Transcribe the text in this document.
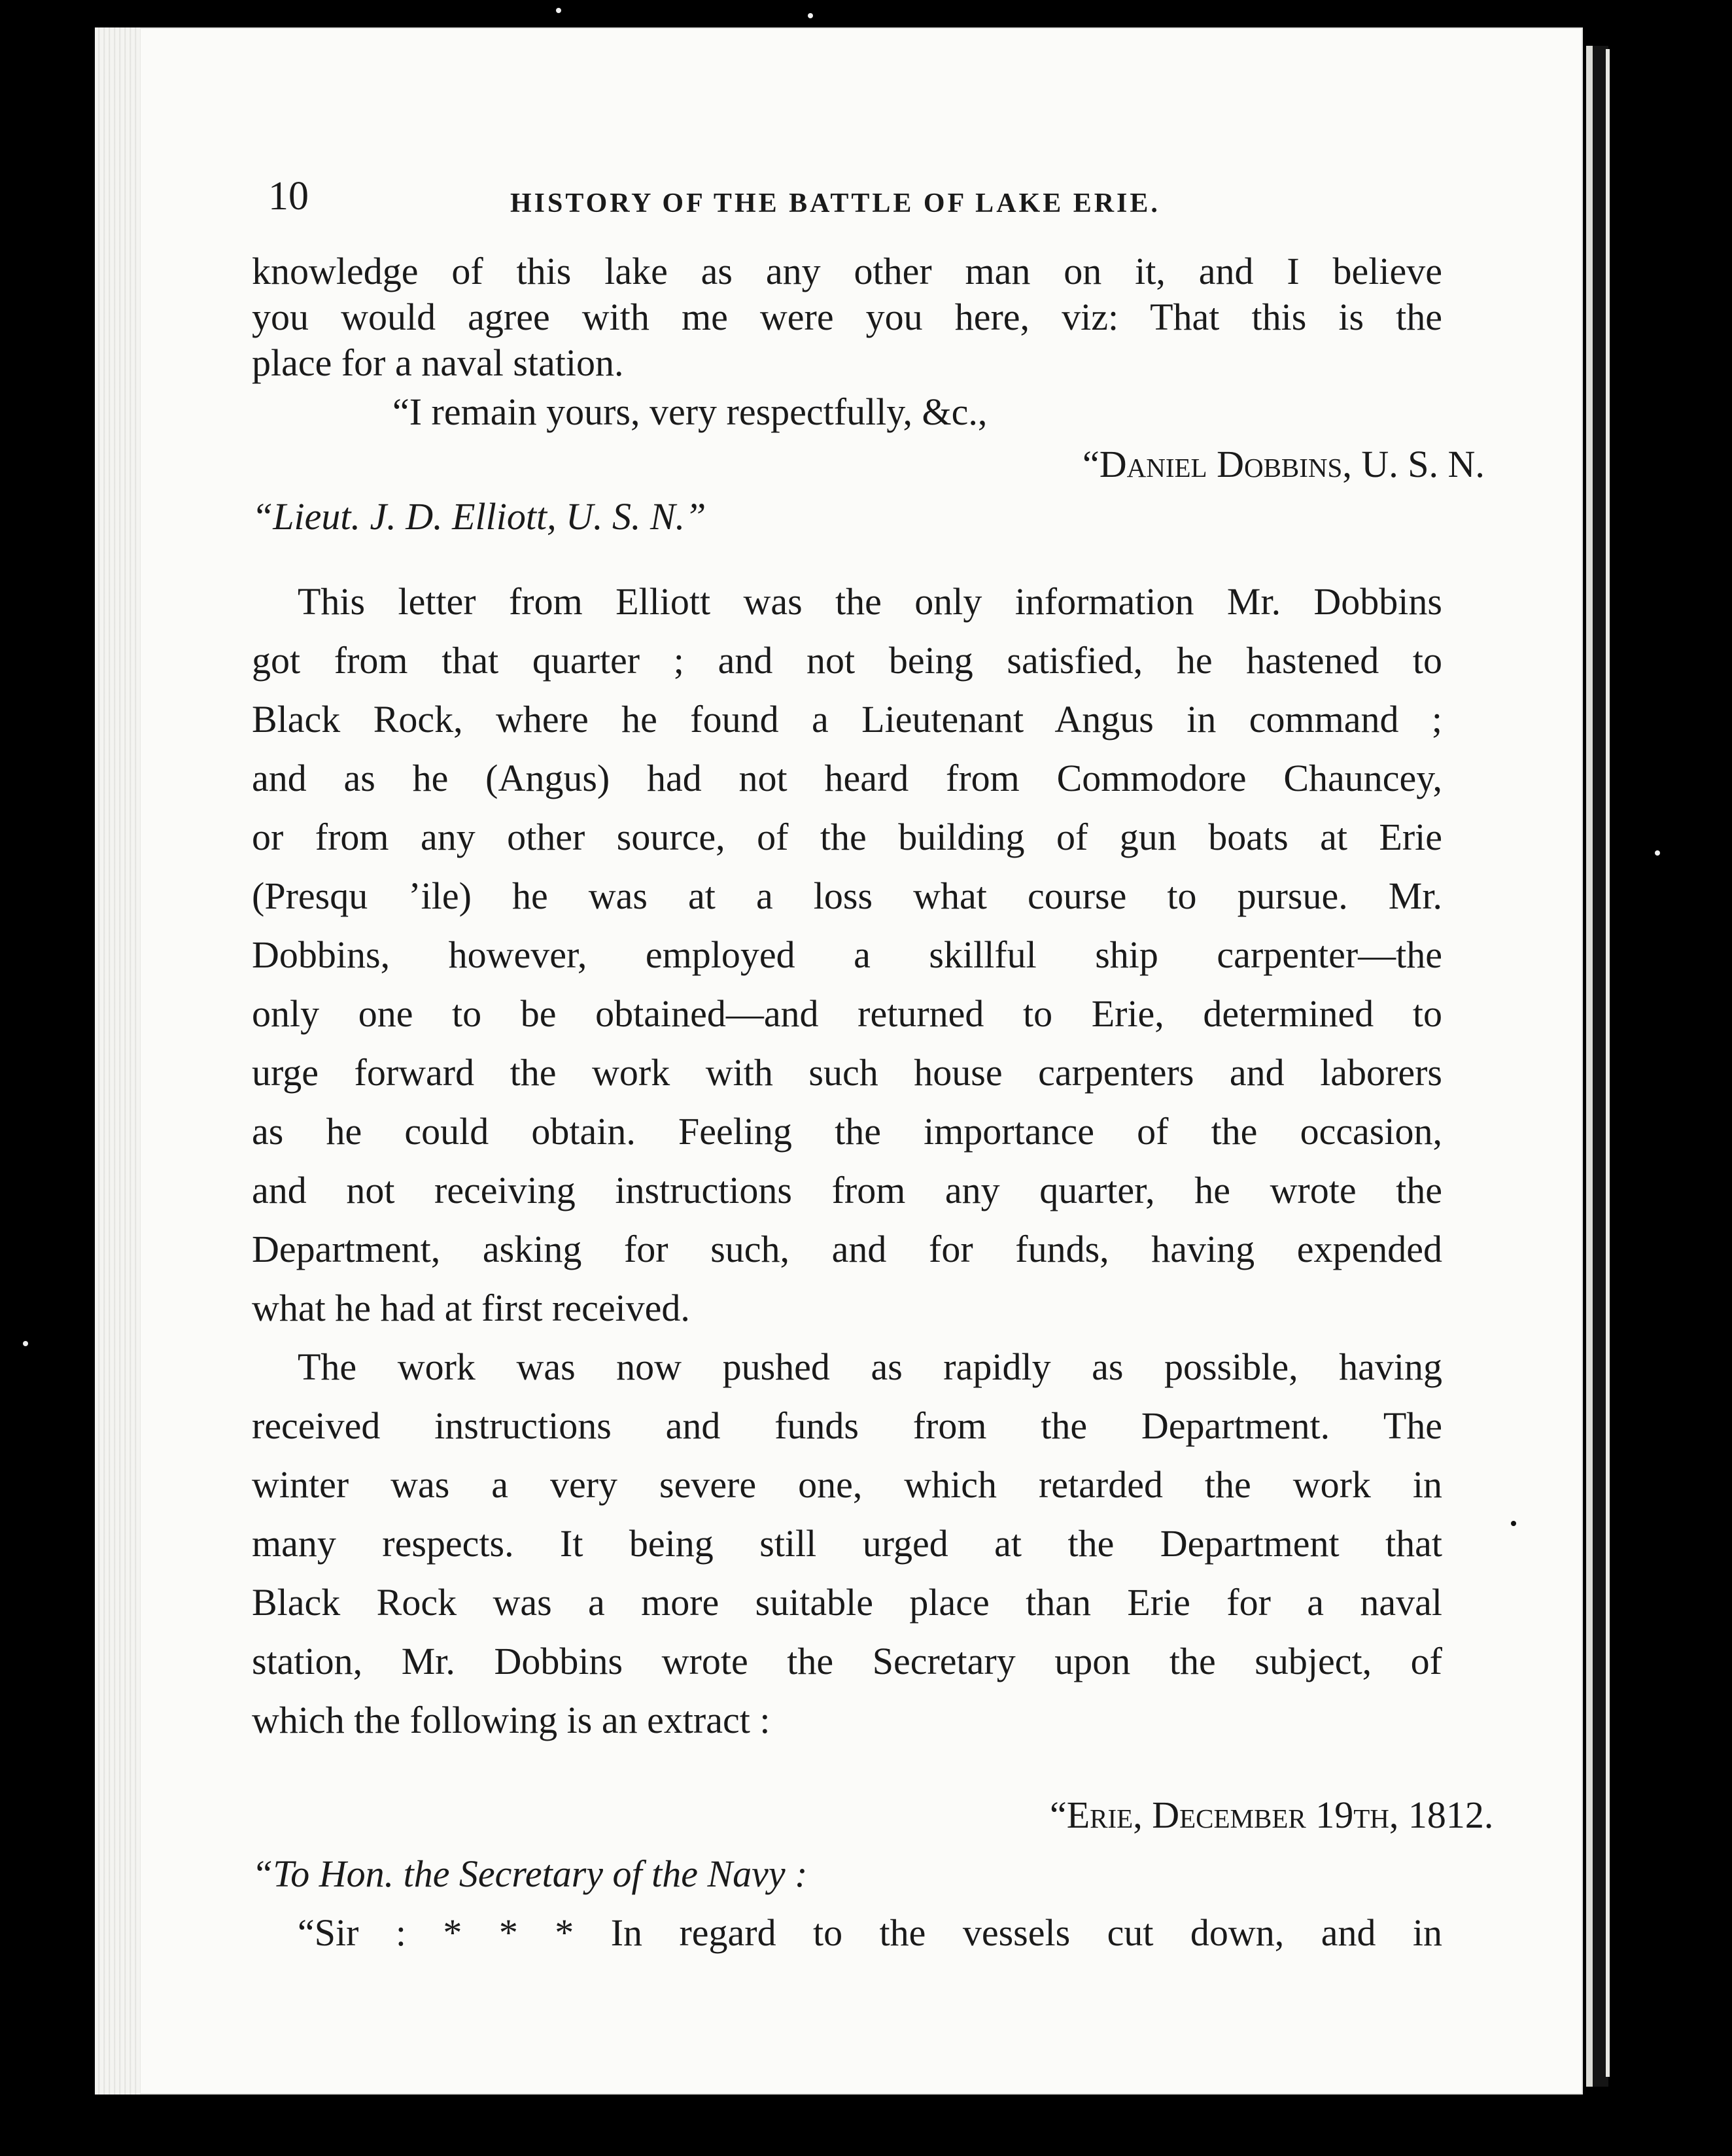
10	HISTORY OF THE BATTLE OF LAKE ERIE.
knowledge of this lake as any other man on it, and I believe
you would agree with me were you here, viz: That this is the
place for a naval station.
“I remain yours, very respectfully, &c.,
“Daniel Dobbins, U. S. N.
“Lieut. J. D. Elliott, U. S. N.”
This letter from Elliott was the only information Mr. Dobbins
got from that quarter ; and not being satisfied, he hastened to
Black Rock, where he found a Lieutenant Angus in command ;
and as he (Angus) had not heard from Commodore Chauncey,
or from any other source, of the building of gun boats at Erie
(Presqu ’ile) he was at a loss what course to pursue. Mr.
Dobbins, however, employed a skillful ship carpenter—the
only one to be obtained—and returned to Erie, determined to
urge forward the work with such house carpenters and laborers
as he could obtain. Feeling the importance of the occasion,
and not receiving instructions from any quarter, he wrote the
Department, asking for such, and for funds, having expended
what he had at first received.
The work was now pushed as rapidly as possible, having
received instructions and funds from the Department. The
winter was a very severe one, which retarded the work in
many respects. It being still urged at the Department that
Black Rock was a more suitable place than Erie for a naval
station, Mr. Dobbins wrote the Secretary upon the subject, of
which the following is an extract :
“Erie, December 19th, 1812.
“To Hon. the Secretary of the Navy :
“Sir : * * * In regard to the vessels cut down, and in
